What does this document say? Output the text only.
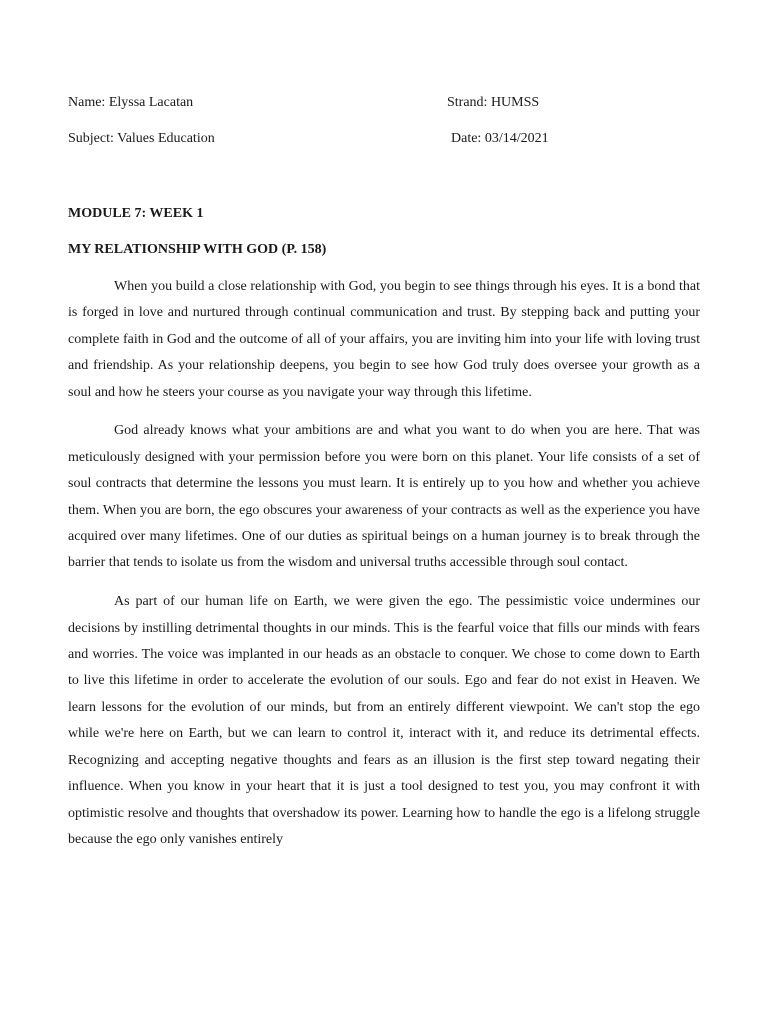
Name: Elyssa Lacatan	Strand: HUMSS
Subject: Values Education	Date: 03/14/2021
MODULE 7: WEEK 1
MY RELATIONSHIP WITH GOD (P. 158)

When you build a close relationship with God, you begin to see things through his eyes. It is a bond that is forged in love and nurtured through continual communication and trust. By stepping back and putting your complete faith in God and the outcome of all of your affairs, you are inviting him into your life with loving trust and friendship. As your relationship deepens, you begin to see how God truly does oversee your growth as a soul and how he steers your course as you navigate your way through this lifetime.

God already knows what your ambitions are and what you want to do when you are here. That was meticulously designed with your permission before you were born on this planet. Your life consists of a set of soul contracts that determine the lessons you must learn. It is entirely up to you how and whether you achieve them. When you are born, the ego obscures your awareness of your contracts as well as the experience you have acquired over many lifetimes. One of our duties as spiritual beings on a human journey is to break through the barrier that tends to isolate us from the wisdom and universal truths accessible through soul contact.

As part of our human life on Earth, we were given the ego. The pessimistic voice undermines our decisions by instilling detrimental thoughts in our minds. This is the fearful voice that fills our minds with fears and worries. The voice was implanted in our heads as an obstacle to conquer. We chose to come down to Earth to live this lifetime in order to accelerate the evolution of our souls. Ego and fear do not exist in Heaven. We learn lessons for the evolution of our minds, but from an entirely different viewpoint. We can't stop the ego while we're here on Earth, but we can learn to control it, interact with it, and reduce its detrimental effects. Recognizing and accepting negative thoughts and fears as an illusion is the first step toward negating their influence. When you know in your heart that it is just a tool designed to test you, you may confront it with optimistic resolve and thoughts that overshadow its power. Learning how to handle the ego is a lifelong struggle because the ego only vanishes entirely
